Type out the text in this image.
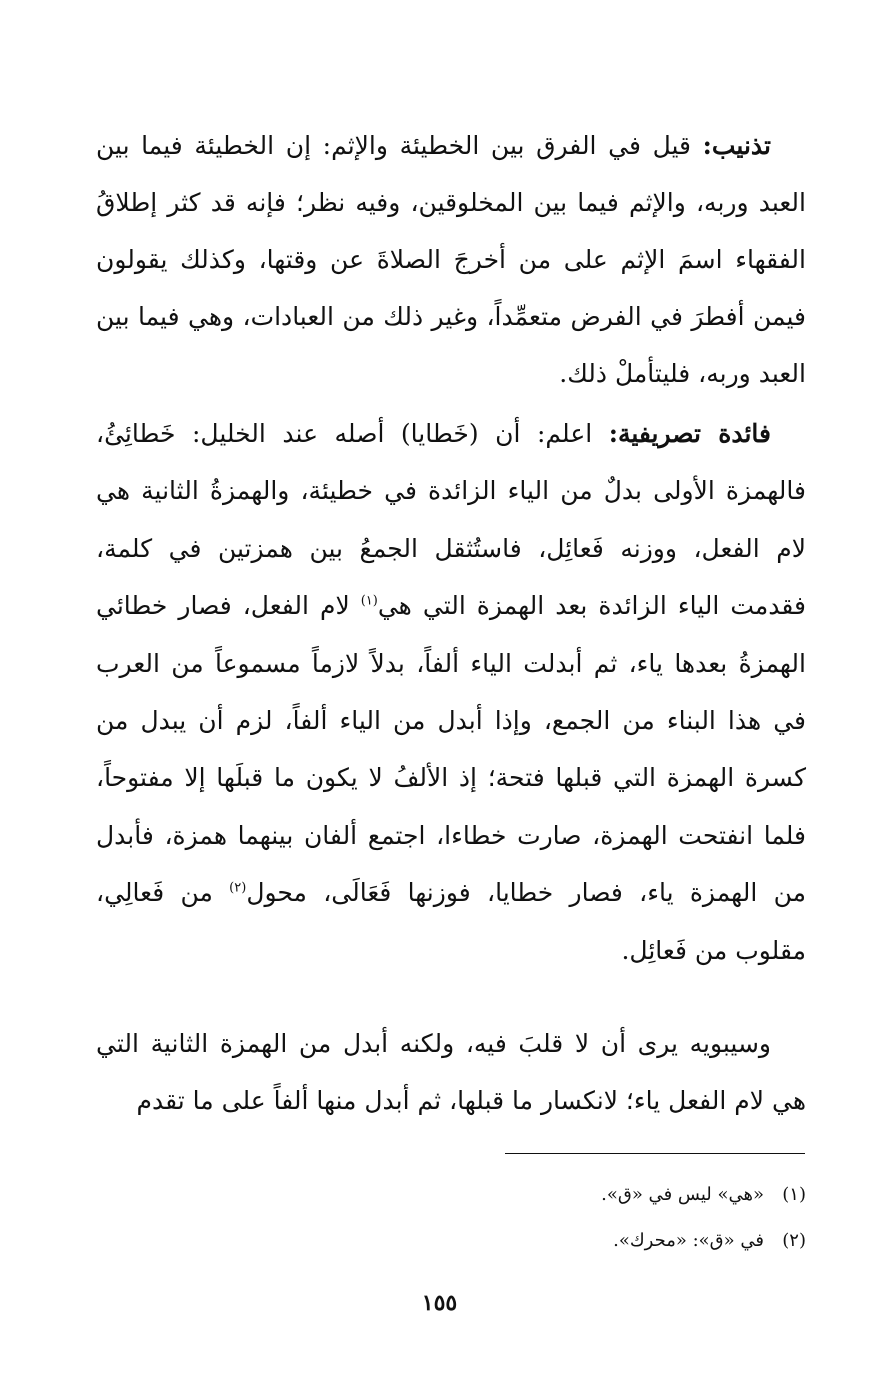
تذنيب: قيل في الفرق بين الخطيئة والإثم: إن الخطيئة فيما بين العبد وربه، والإثم فيما بين المخلوقين، وفيه نظر؛ فإنه قد كثر إطلاقُ الفقهاء اسمَ الإثم على من أخرجَ الصلاةَ عن وقتها، وكذلك يقولون فيمن أفطرَ في الفرض متعمِّداً، وغير ذلك من العبادات، وهي فيما بين العبد وربه، فليتأملْ ذلك.

فائدة تصريفية: اعلم: أن (خَطايا) أصله عند الخليل: خَطائِئُ، فالهمزة الأولى بدلٌ من الياء الزائدة في خطيئة، والهمزةُ الثانية هي لام الفعل، ووزنه فَعائِل، فاستُثقل الجمعُ بين همزتين في كلمة، فقدمت الياء الزائدة بعد الهمزة التي هي$^{(١)}$ لام الفعل، فصار خطائي الهمزةُ بعدها ياء، ثم أبدلت الياء ألفاً، بدلاً لازماً مسموعاً من العرب في هذا البناء من الجمع، وإذا أبدل من الياء ألفاً، لزم أن يبدل من كسرة الهمزة التي قبلها فتحة؛ إذ الألفُ لا يكون ما قبلَها إلا مفتوحاً، فلما انفتحت الهمزة، صارت خطاءا، اجتمع ألفان بينهما همزة، فأبدل من الهمزة ياء، فصار خطايا، فوزنها فَعَالَى، محول$^{(٢)}$ من فَعالِي، مقلوب من فَعائِل.

وسيبويه يرى أن لا قلبَ فيه، ولكنه أبدل من الهمزة الثانية التي هي لام الفعل ياء؛ لانكسار ما قبلها، ثم أبدل منها ألفاً على ما تقدم

(١)«هي» ليس في «ق».
(٢)في «ق»: «محرك».
١٥٥
